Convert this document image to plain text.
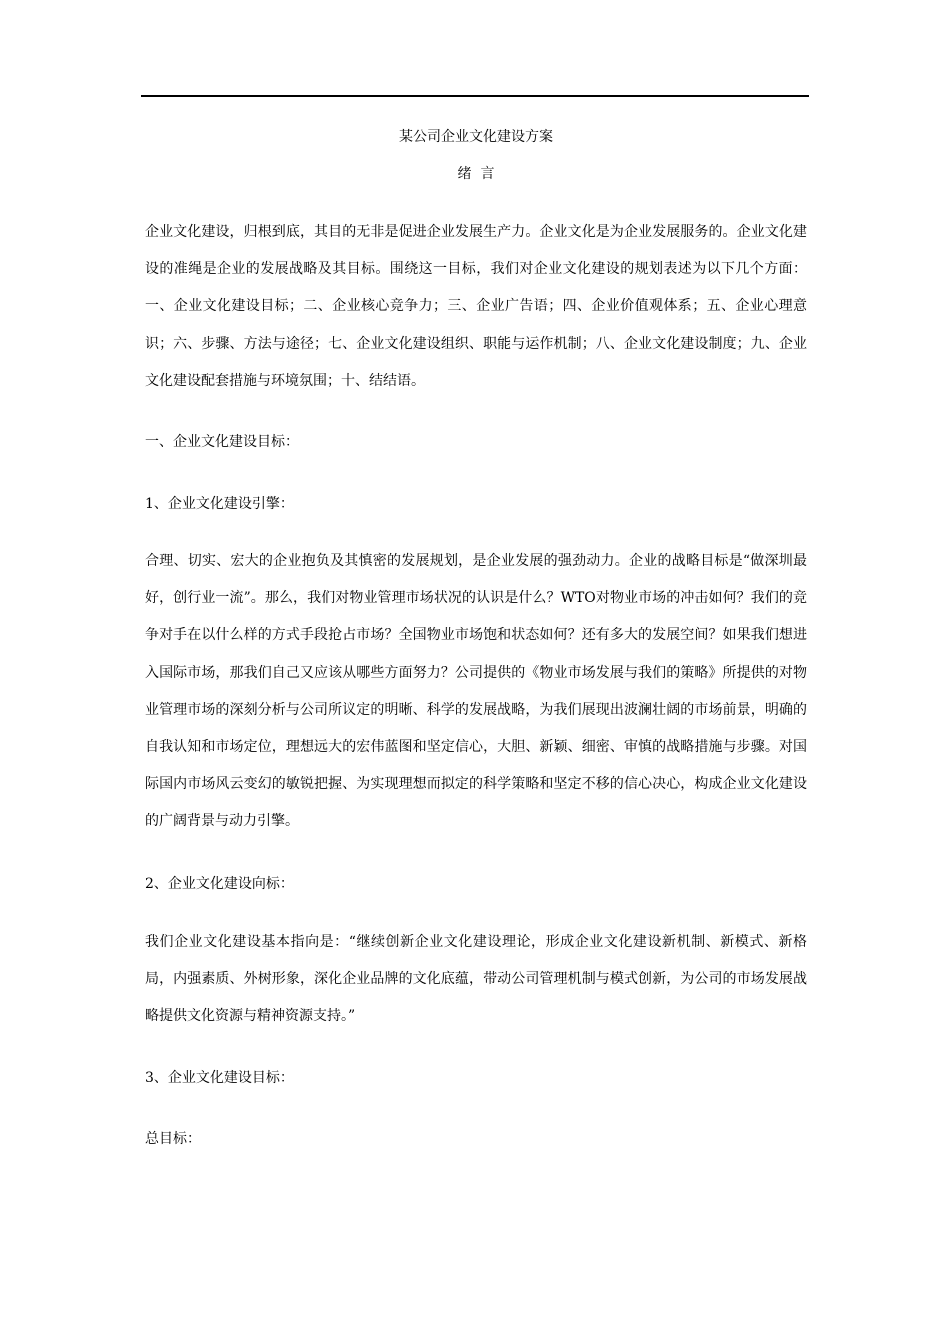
某公司企业文化建设方案
绪  言
企业文化建设，归根到底，其目的无非是促进企业发展生产力。企业文化是为企业发展服务的。企业文化建设的准绳是企业的发展战略及其目标。围绕这一目标，我们对企业文化建设的规划表述为以下几个方面：一、企业文化建设目标；二、企业核心竞争力；三、企业广告语；四、企业价值观体系；五、企业心理意识；六、步骤、方法与途径；七、企业文化建设组织、职能与运作机制；八、企业文化建设制度；九、企业文化建设配套措施与环境氛围；十、结结语。
一、企业文化建设目标：
1、企业文化建设引擎：
合理、切实、宏大的企业抱负及其慎密的发展规划，是企业发展的强劲动力。企业的战略目标是“做深圳最好，创行业一流”。那么，我们对物业管理市场状况的认识是什么？WTO对物业市场的冲击如何？我们的竞争对手在以什么样的方式手段抢占市场？全国物业市场饱和状态如何？还有多大的发展空间？如果我们想进入国际市场，那我们自己又应该从哪些方面努力？公司提供的《物业市场发展与我们的策略》所提供的对物业管理市场的深刻分析与公司所议定的明晰、科学的发展战略，为我们展现出波澜壮阔的市场前景，明确的自我认知和市场定位，理想远大的宏伟蓝图和坚定信心，大胆、新颖、细密、审慎的战略措施与步骤。对国际国内市场风云变幻的敏锐把握、为实现理想而拟定的科学策略和坚定不移的信心决心，构成企业文化建设的广阔背景与动力引擎。
2、企业文化建设向标：
我们企业文化建设基本指向是：“继续创新企业文化建设理论，形成企业文化建设新机制、新模式、新格局，内强素质、外树形象，深化企业品牌的文化底蕴，带动公司管理机制与模式创新，为公司的市场发展战略提供文化资源与精神资源支持。”
3、企业文化建设目标：
总目标：
